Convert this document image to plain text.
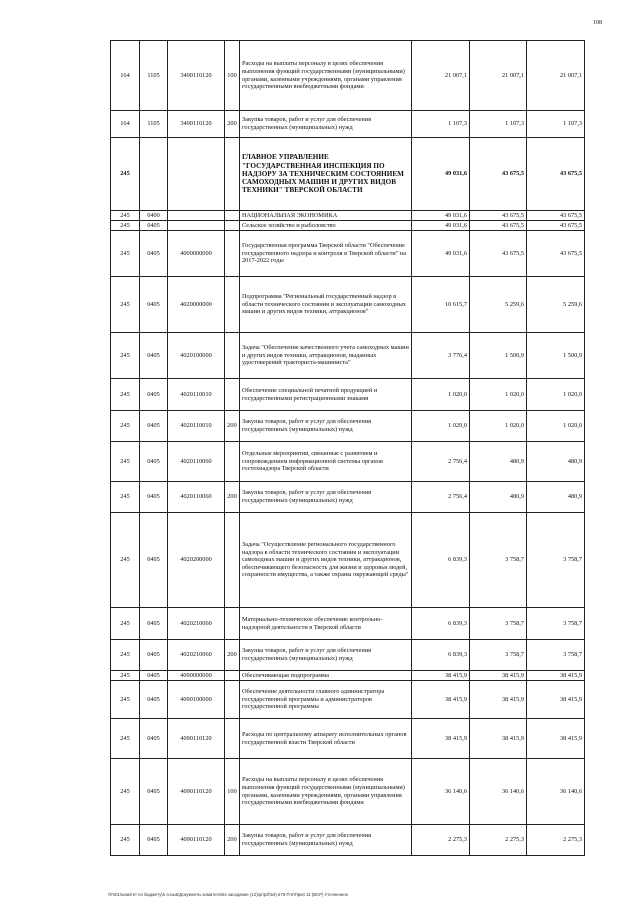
108
164	1105	3490110120	100	Расходы на выплаты персоналу в целях обеспечения выполнения функций государственными (муниципальными) органами, казенными учреждениями, органами управления государственными внебюджетными фондами	21 007,1	21 007,1	21 007,1
164	1105	3490110120	200	Закупка товаров, работ и услуг для обеспечения государственных (муниципальных) нужд	1 107,3	1 107,3	1 107,3
245				ГЛАВНОЕ УПРАВЛЕНИЕ "ГОСУДАРСТВЕННАЯ ИНСПЕКЦИЯ ПО НАДЗОРУ ЗА ТЕХНИЧЕСКИМ СОСТОЯНИЕМ САМОХОДНЫХ МАШИН И ДРУГИХ ВИДОВ ТЕХНИКИ" ТВЕРСКОЙ ОБЛАСТИ	49 031,6	43 675,5	43 675,5
245	0400			НАЦИОНАЛЬНАЯ ЭКОНОМИКА	49 031,6	43 675,5	43 675,5
245	0405			Сельское хозяйство и рыболовство	49 031,6	43 675,5	43 675,5
245	0405	4000000000		Государственная программа Тверской области "Обеспечение государственного надзора и контроля в Тверской области" на 2017-2022 годы	49 031,6	43 675,5	43 675,5
245	0405	4020000000		Подпрограмма "Региональный государственный надзор в области технического состояния и эксплуатации самоходных машин и других видов техники, аттракционов"	10 615,7	5 259,6	5 259,6
245	0405	4020100000		Задача "Обеспечение качественного учета самоходных машин и других видов техники, аттракционов, выданных удостоверений тракториста-машиниста"	3 776,4	1 500,9	1 500,9
245	0405	4020110010		Обеспечение специальной печатной продукцией и государственными регистрационными знаками	1 020,0	1 020,0	1 020,0
245	0405	4020110010	200	Закупка товаров, работ и услуг для обеспечения государственных (муниципальных) нужд	1 020,0	1 020,0	1 020,0
245	0405	4020110060		Отдельные мероприятия, связанные с развитием и сопровождением информационной системы органов гостехнадзора Тверской области	2 756,4	480,9	480,9
245	0405	4020110060	200	Закупка товаров, работ и услуг для обеспечения государственных (муниципальных) нужд	2 756,4	480,9	480,9
245	0405	4020200000		Задача "Осуществление регионального государственного надзора в области технического состояния и эксплуатации самоходных машин и других видов техники, аттракционов, обеспечивающего безопасность для жизни и здоровья людей, сохранности имущества, а также охраны окружающей среды"	6 839,3	3 758,7	3 758,7
245	0405	4020210060		Материально-техническое обеспечение контрольно-надзорной деятельности в Тверской области	6 839,3	3 758,7	3 758,7
245	0405	4020210060	200	Закупка товаров, работ и услуг для обеспечения государственных (муниципальных) нужд	6 839,3	3 758,7	3 758,7
245	0405	4090000000		Обеспечивающая подпрограмма	38 415,9	38 415,9	38 415,9
245	0405	4090100000		Обеспечение деятельности главного администратора государственной программы и администраторов государственной программы	38 415,9	38 415,9	38 415,9
245	0405	4090110120		Расходы по центральному аппарату исполнительных органов государственной власти Тверской области	38 415,9	38 415,9	38 415,9
245	0405	4090110120	100	Расходы на выплаты персоналу в целях обеспечения выполнения функций государственными (муниципальными) органами, казенными учреждениями, органами управления государственными внебюджетными фондами	36 140,6	36 140,6	36 140,6
245	0405	4090110120	200	Закупка товаров, работ и услуг для обеспечения государственных (муниципальных) нужд	2 275,3	2 275,3	2 275,3
\\Fs01\комитет по бюджету\6 созыв\Документы комитета\54 заседание (12)\pr\pzl\54) 675-П-6\Прил 11 (ВСР) Уточненное
